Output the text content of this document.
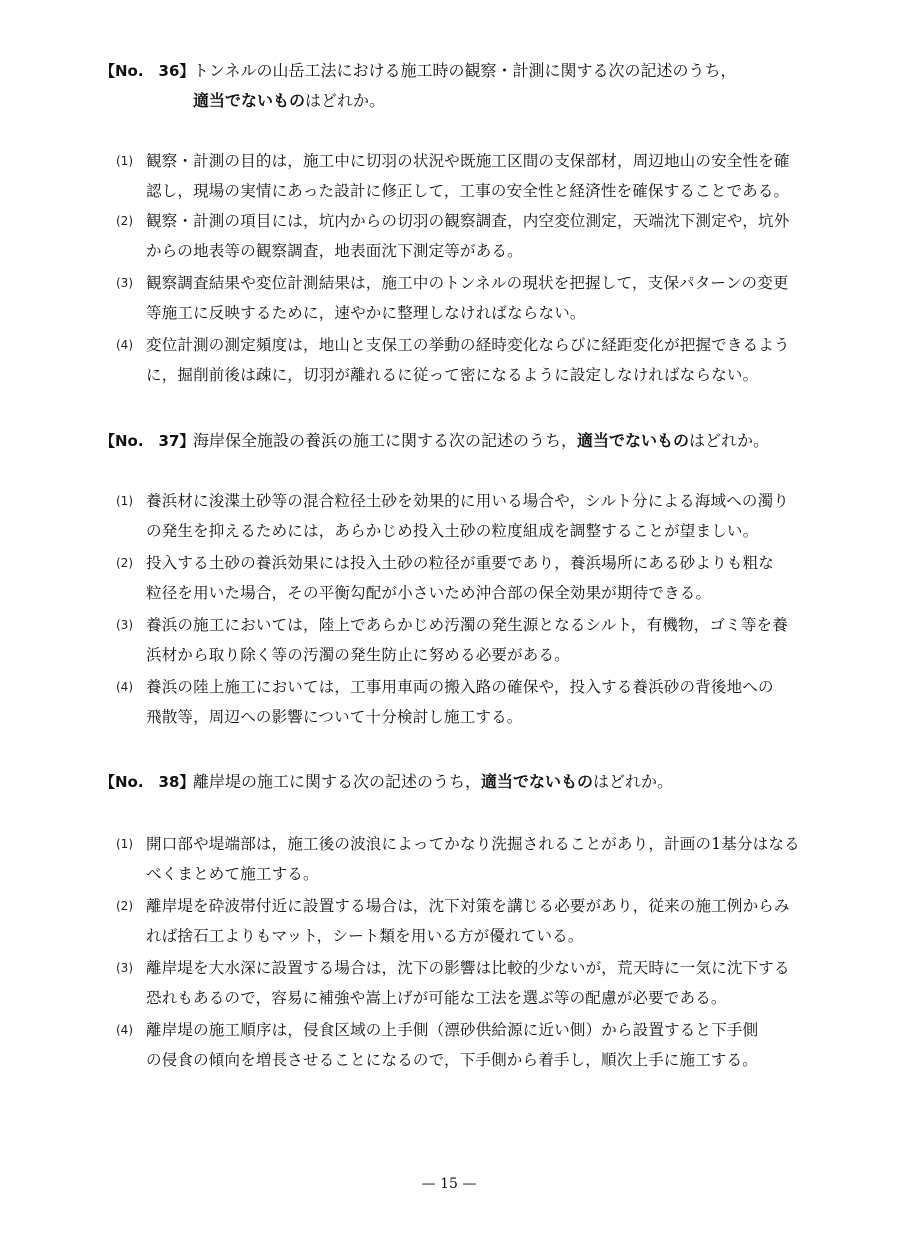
【No.　36】
トンネルの山岳工法における施工時の観察・計測に関する次の記述のうち，
適当でないものはどれか。
(1) 観察・計測の目的は，施工中に切羽の状況や既施工区間の支保部材，周辺地山の安全性を確
認し，現場の実情にあった設計に修正して，工事の安全性と経済性を確保することである。
(2) 観察・計測の項目には，坑内からの切羽の観察調査，内空変位測定，天端沈下測定や，坑外
からの地表等の観察調査，地表面沈下測定等がある。
(3) 観察調査結果や変位計測結果は，施工中のトンネルの現状を把握して，支保パターンの変更
等施工に反映するために，速やかに整理しなければならない。
(4) 変位計測の測定頻度は，地山と支保工の挙動の経時変化ならびに経距変化が把握できるよう
に，掘削前後は疎に，切羽が離れるに従って密になるように設定しなければならない。
【No.　37】
海岸保全施設の養浜の施工に関する次の記述のうち，適当でないものはどれか。
(1) 養浜材に浚渫土砂等の混合粒径土砂を効果的に用いる場合や，シルト分による海域への濁り
の発生を抑えるためには，あらかじめ投入土砂の粒度組成を調整することが望ましい。
(2) 投入する土砂の養浜効果には投入土砂の粒径が重要であり，養浜場所にある砂よりも粗な
粒径を用いた場合，その平衡勾配が小さいため沖合部の保全効果が期待できる。
(3) 養浜の施工においては，陸上であらかじめ汚濁の発生源となるシルト，有機物，ゴミ等を養
浜材から取り除く等の汚濁の発生防止に努める必要がある。
(4) 養浜の陸上施工においては，工事用車両の搬入路の確保や，投入する養浜砂の背後地への
飛散等，周辺への影響について十分検討し施工する。
【No.　38】
離岸堤の施工に関する次の記述のうち，適当でないものはどれか。
(1) 開口部や堤端部は，施工後の波浪によってかなり洗掘されることがあり，計画の1基分はなる
べくまとめて施工する。
(2) 離岸堤を砕波帯付近に設置する場合は，沈下対策を講じる必要があり，従来の施工例からみ
れば捨石工よりもマット，シート類を用いる方が優れている。
(3) 離岸堤を大水深に設置する場合は，沈下の影響は比較的少ないが，荒天時に一気に沈下する
恐れもあるので，容易に補強や嵩上げが可能な工法を選ぶ等の配慮が必要である。
(4) 離岸堤の施工順序は，侵食区域の上手側（漂砂供給源に近い側）から設置すると下手側
の侵食の傾向を増長させることになるので，下手側から着手し，順次上手に施工する。
— 15 —
